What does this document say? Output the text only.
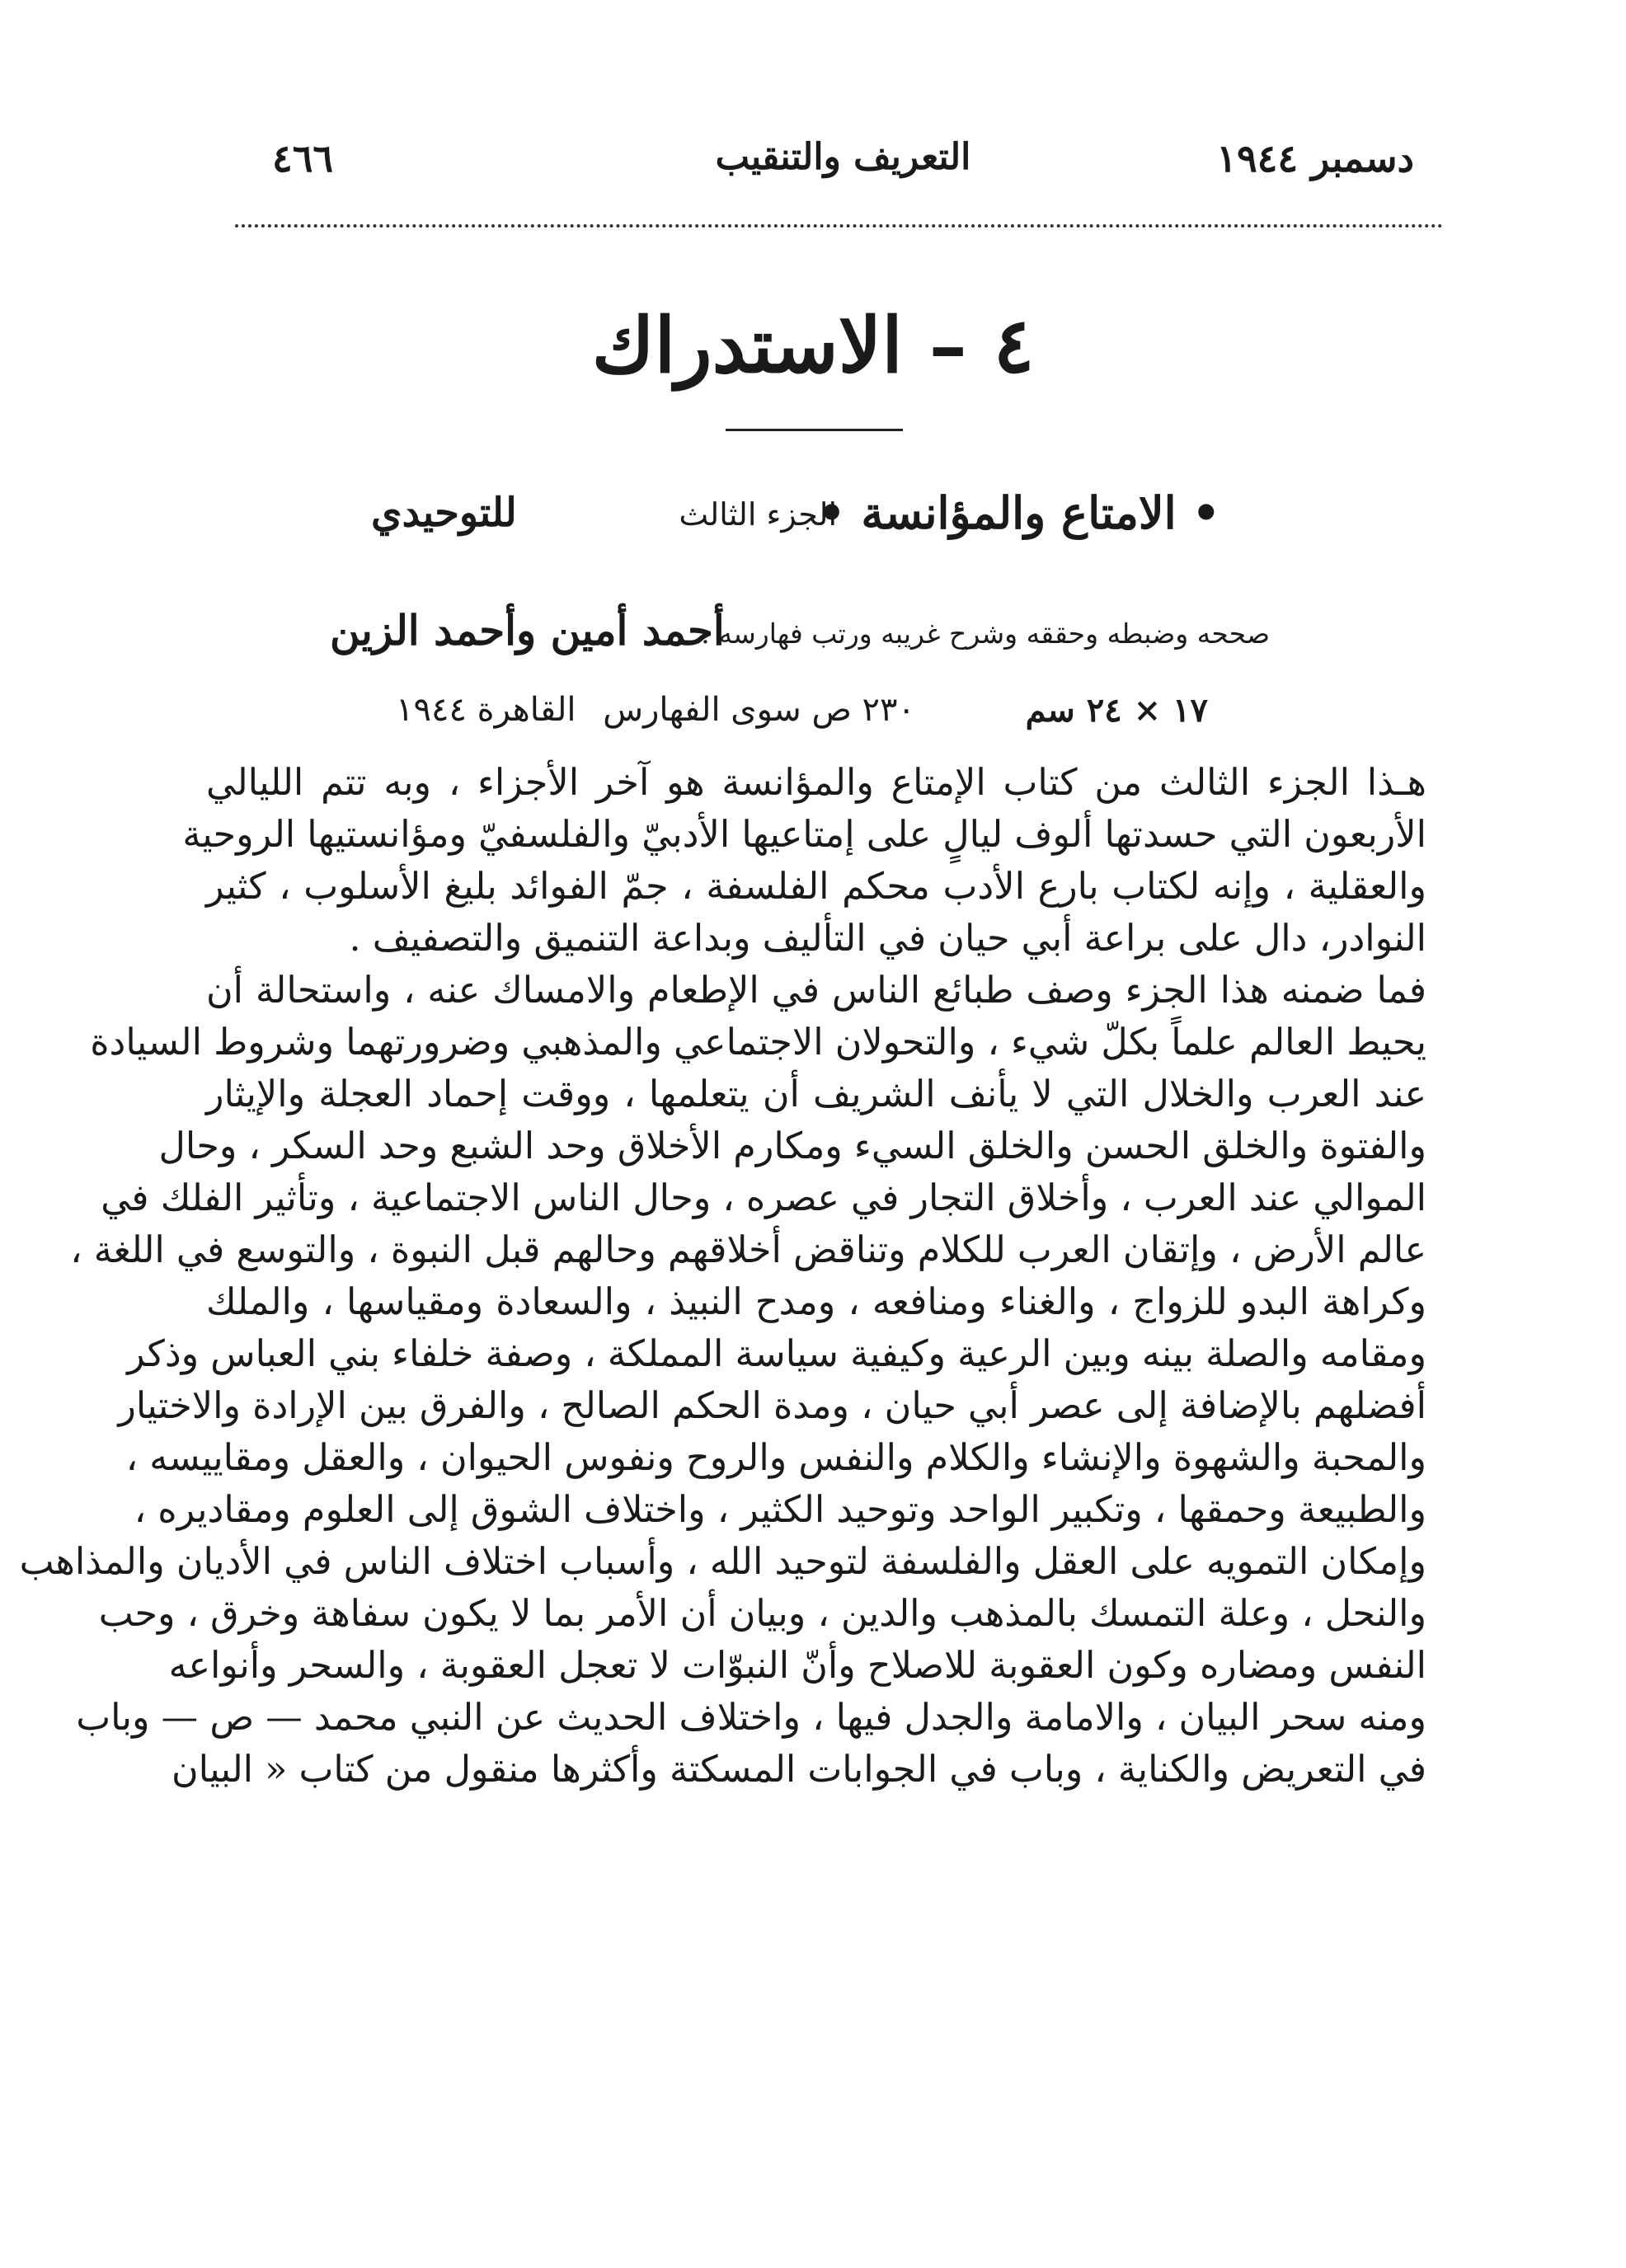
دسمبر ١٩٤٤
التعريف والتنقيب
٤٦٦
٤ – الاستدراك
• الامتاع والمؤانسة •
الجزء الثالث
للتوحيدي
صححه وضبطه وحققه وشرح غريبه ورتب فهارسه :
أحمد أمين وأحمد الزين
١٧ × ٢٤ سم
٢٣٠ ص سوى الفهارس
القاهرة ١٩٤٤

هـذا الجزء الثالث من كتاب الإمتاع والمؤانسة هو آخر الأجزاء ، وبه تتم الليالي
الأربعون التي حسدتها ألوف ليالٍ على إمتاعيها الأدبيّ والفلسفيّ ومؤانستيها الروحية
والعقلية ، وإنه لكتاب بارع الأدب محكم الفلسفة ، جمّ الفوائد بليغ الأسلوب ، كثير

النوادر، دال على براعة أبي حيان في التأليف وبداعة التنميق والتصفيف .

فما ضمنه هذا الجزء وصف طبائع الناس في الإطعام والامساك عنه ، واستحالة أن
يحيط العالم علماً بكلّ شيء ، والتحولان الاجتماعي والمذهبي وضرورتهما وشروط السيادة
عند العرب والخلال التي لا يأنف الشريف أن يتعلمها ، ووقت إحماد العجلة والإيثار
والفتوة والخلق الحسن والخلق السيء ومكارم الأخلاق وحد الشبع وحد السكر ، وحال
الموالي عند العرب ، وأخلاق التجار في عصره ، وحال الناس الاجتماعية ، وتأثير الفلك في
عالم الأرض ، وإتقان العرب للكلام وتناقض أخلاقهم وحالهم قبل النبوة ، والتوسع في اللغة ،
وكراهة البدو للزواج ، والغناء ومنافعه ، ومدح النبيذ ، والسعادة ومقياسها ، والملك
ومقامه والصلة بينه وبين الرعية وكيفية سياسة المملكة ، وصفة خلفاء بني العباس وذكر
أفضلهم بالإضافة إلى عصر أبي حيان ، ومدة الحكم الصالح ، والفرق بين الإرادة والاختيار
والمحبة والشهوة والإنشاء والكلام والنفس والروح ونفوس الحيوان ، والعقل ومقاييسه ،
والطبيعة وحمقها ، وتكبير الواحد وتوحيد الكثير ، واختلاف الشوق إلى العلوم ومقاديره ،
وإمكان التمويه على العقل والفلسفة لتوحيد الله ، وأسباب اختلاف الناس في الأديان والمذاهب
والنحل ، وعلة التمسك بالمذهب والدين ، وبيان أن الأمر بما لا يكون سفاهة وخرق ، وحب
النفس ومضاره وكون العقوبة للاصلاح وأنّ النبوّات لا تعجل العقوبة ، والسحر وأنواعه
ومنه سحر البيان ، والامامة والجدل فيها ، واختلاف الحديث عن النبي محمد — ص — وباب
في التعريض والكناية ، وباب في الجوابات المسكتة وأكثرها منقول من كتاب « البيان
